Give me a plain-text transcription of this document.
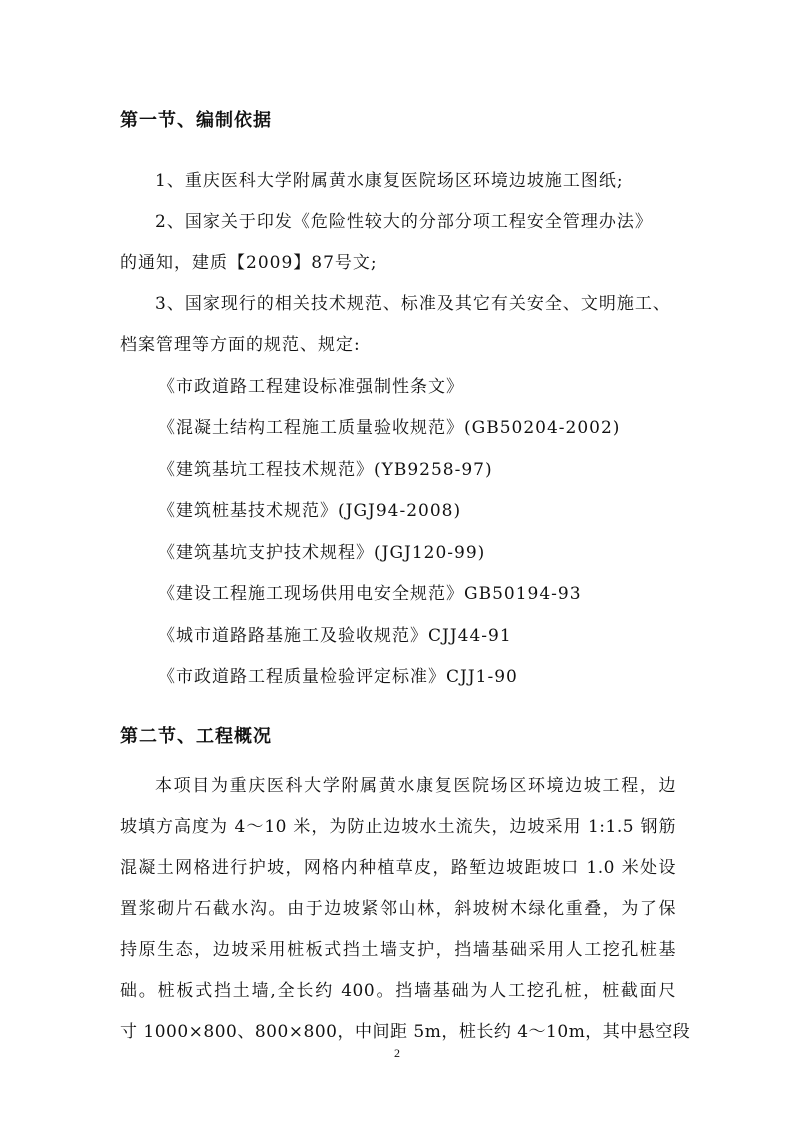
第一节、编制依据
1、重庆医科大学附属黄水康复医院场区环境边坡施工图纸;
2、国家关于印发《危险性较大的分部分项工程安全管理办法》
的通知，建质【2009】87号文;
3、国家现行的相关技术规范、标准及其它有关安全、文明施工、
档案管理等方面的规范、规定:
《市政道路工程建设标准强制性条文》
《混凝土结构工程施工质量验收规范》(GB50204-2002)
《建筑基坑工程技术规范》(YB9258-97)
《建筑桩基技术规范》(JGJ94-2008)
《建筑基坑支护技术规程》(JGJ120-99)
《建设工程施工现场供用电安全规范》GB50194-93
《城市道路路基施工及验收规范》CJJ44-91
《市政道路工程质量检验评定标准》CJJ1-90
第二节、工程概况
本项目为重庆医科大学附属黄水康复医院场区环境边坡工程，边
坡填方高度为 4～10 米，为防止边坡水土流失，边坡采用 1:1.5 钢筋
混凝土网格进行护坡，网格内种植草皮，路堑边坡距坡口 1.0 米处设
置浆砌片石截水沟。由于边坡紧邻山林，斜坡树木绿化重叠，为了保
持原生态，边坡采用桩板式挡土墙支护，挡墙基础采用人工挖孔桩基
础。桩板式挡土墙,全长约 400。挡墙基础为人工挖孔桩，桩截面尺
寸 1000×800、800×800，中间距 5m，桩长约 4～10m，其中悬空段
2
